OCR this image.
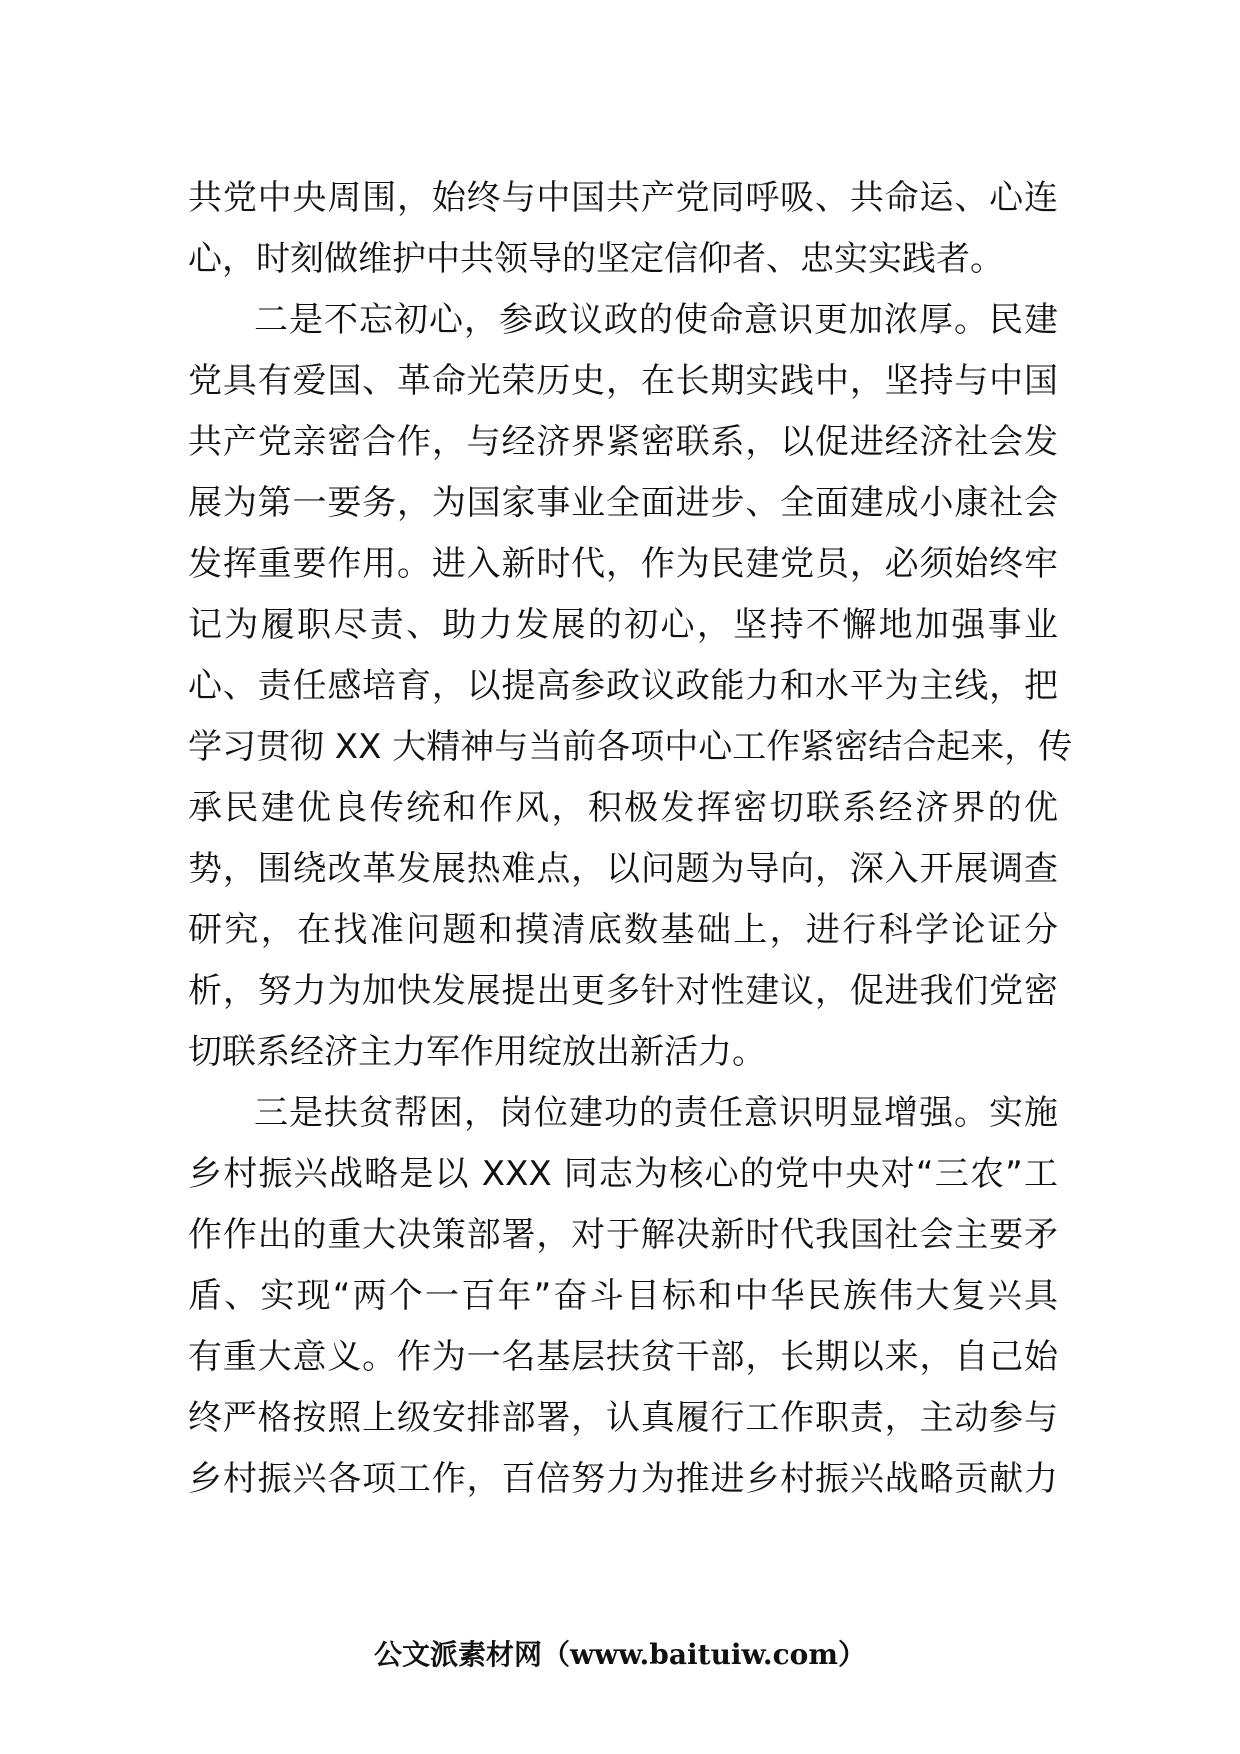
共党中央周围，始终与中国共产党同呼吸、共命运、心连
心，时刻做维护中共领导的坚定信仰者、忠实实践者。
二是不忘初心，参政议政的使命意识更加浓厚。民建
党具有爱国、革命光荣历史，在长期实践中，坚持与中国
共产党亲密合作，与经济界紧密联系，以促进经济社会发
展为第一要务，为国家事业全面进步、全面建成小康社会
发挥重要作用。进入新时代，作为民建党员，必须始终牢
记为履职尽责、助力发展的初心，坚持不懈地加强事业
心、责任感培育，以提高参政议政能力和水平为主线，把
学习贯彻 XX 大精神与当前各项中心工作紧密结合起来，传
承民建优良传统和作风，积极发挥密切联系经济界的优
势，围绕改革发展热难点，以问题为导向，深入开展调查
研究，在找准问题和摸清底数基础上，进行科学论证分
析，努力为加快发展提出更多针对性建议，促进我们党密
切联系经济主力军作用绽放出新活力。
三是扶贫帮困，岗位建功的责任意识明显增强。实施
乡村振兴战略是以 XXX 同志为核心的党中央对“三农”工
作作出的重大决策部署，对于解决新时代我国社会主要矛
盾、实现“两个一百年”奋斗目标和中华民族伟大复兴具
有重大意义。作为一名基层扶贫干部，长期以来，自己始
终严格按照上级安排部署，认真履行工作职责，主动参与
乡村振兴各项工作，百倍努力为推进乡村振兴战略贡献力
公文派素材网（www.baituiw.com）
